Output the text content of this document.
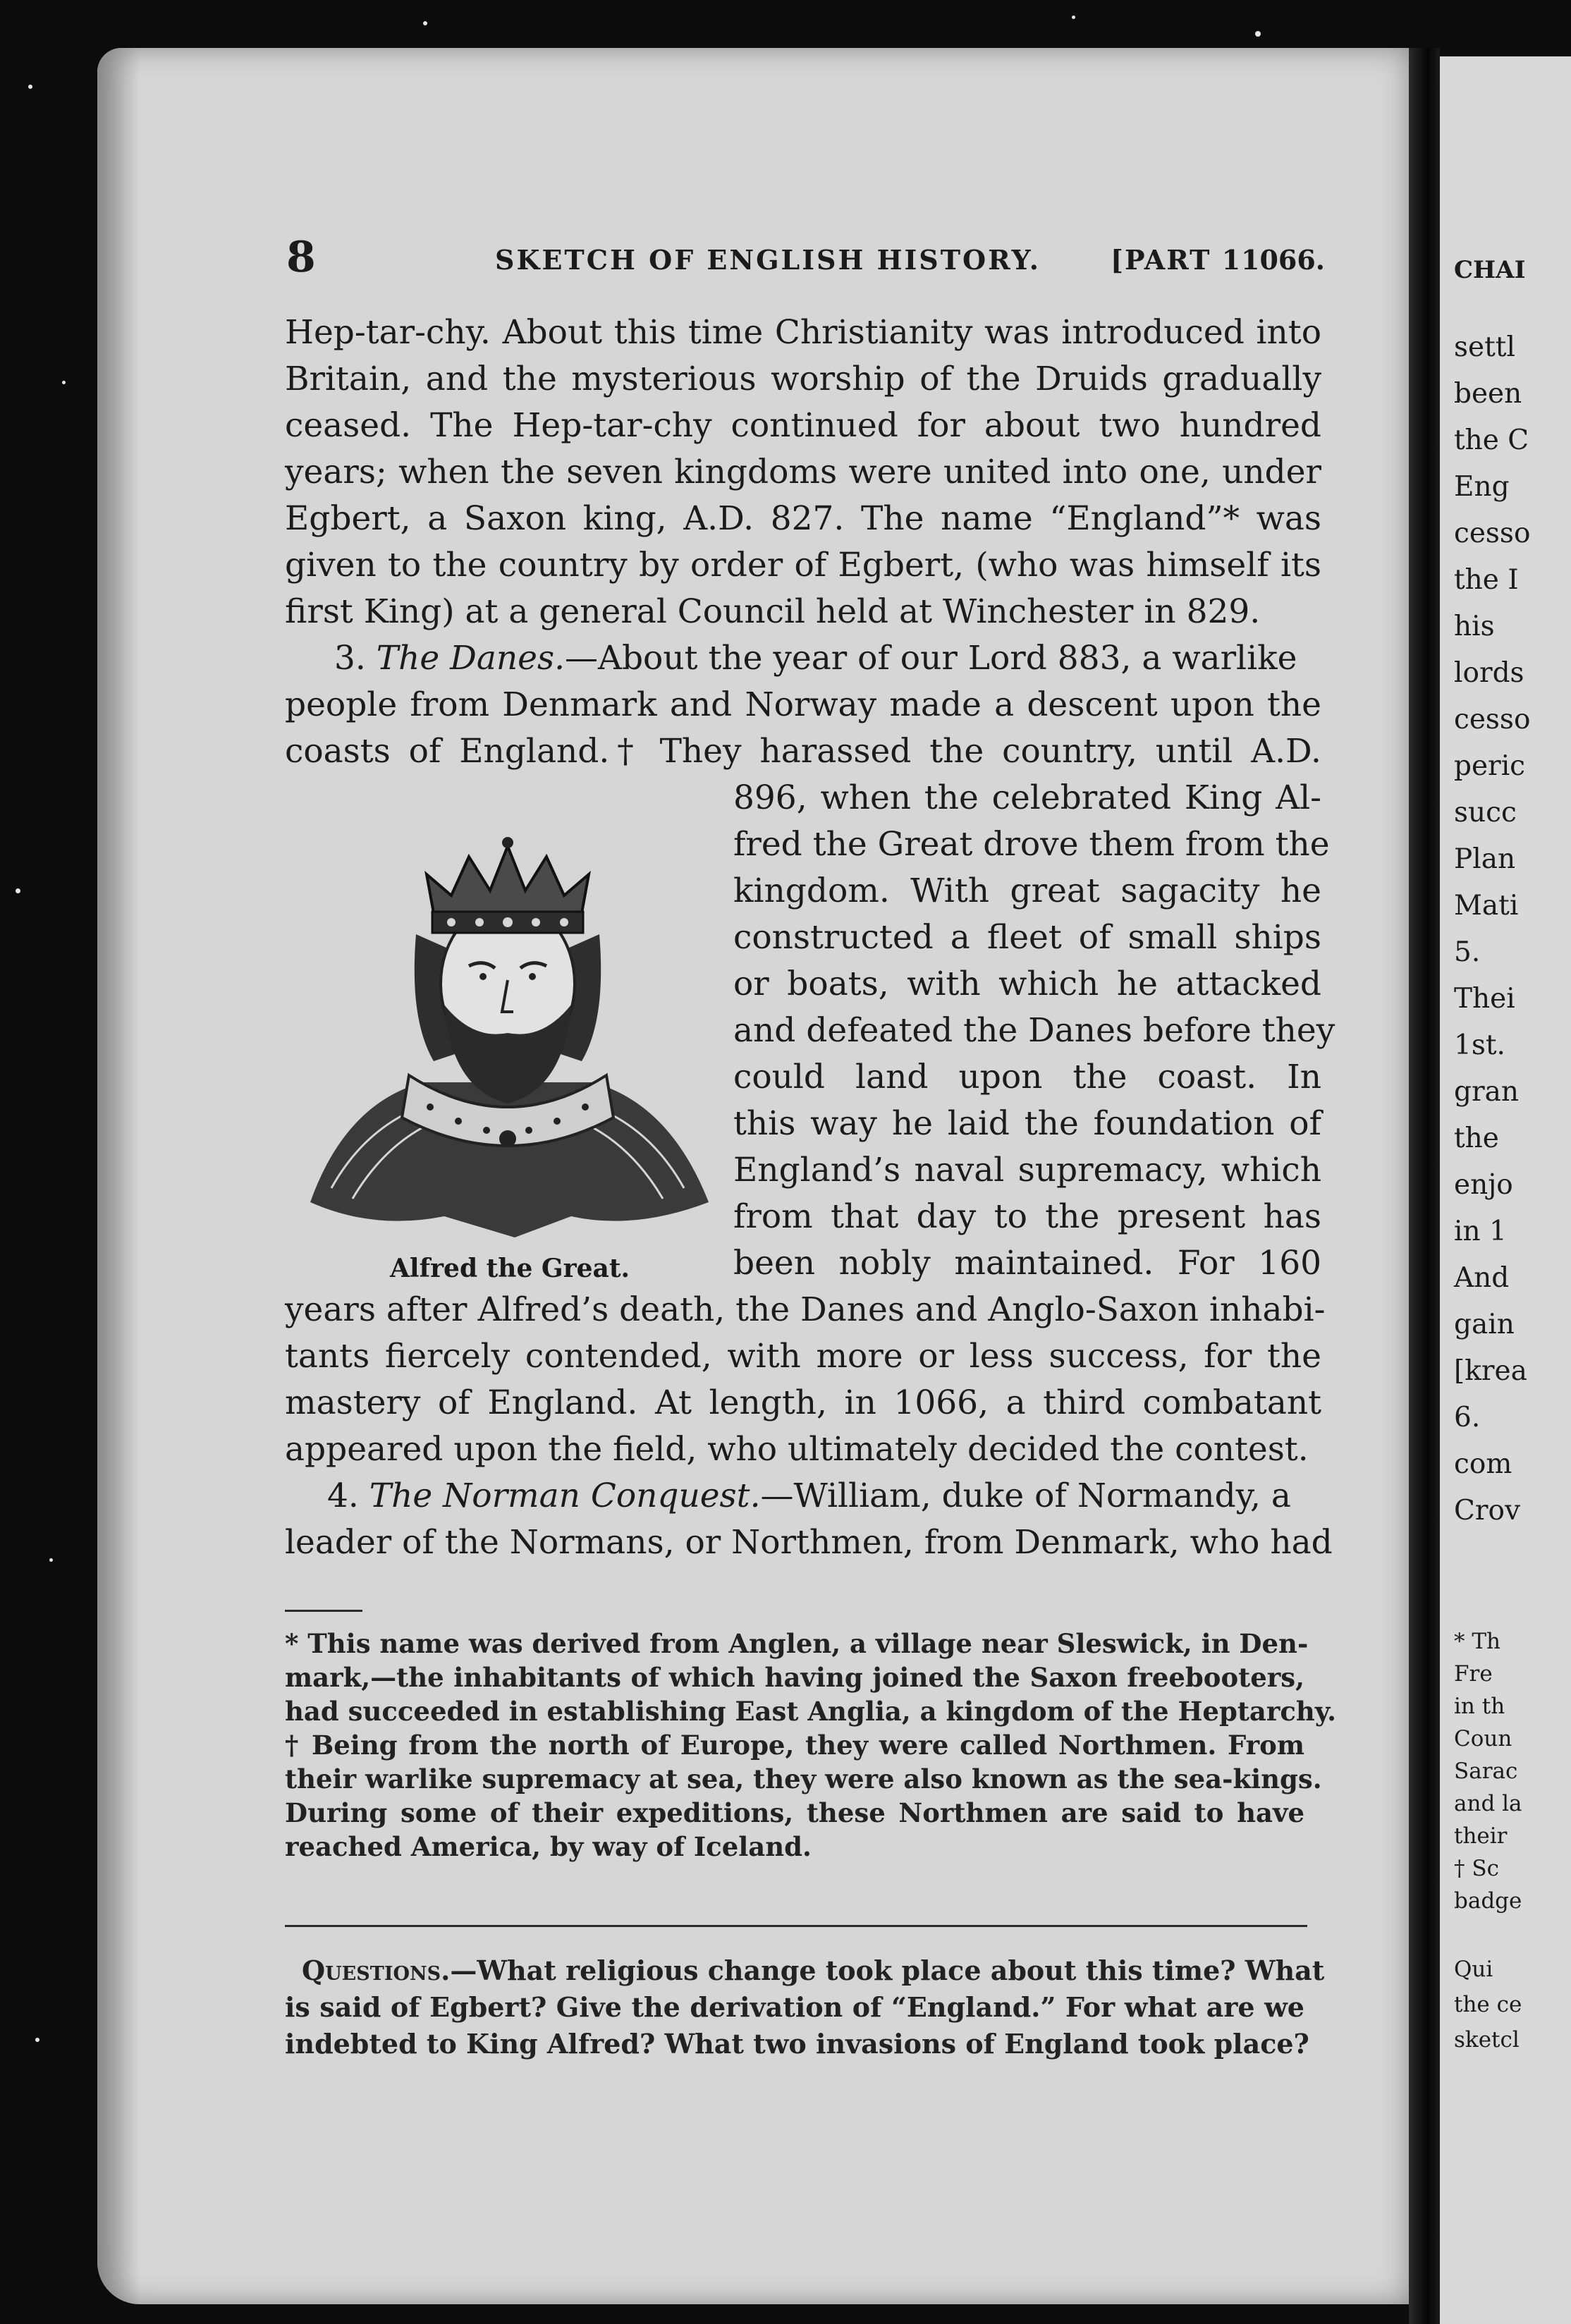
CHAI
settl
been
the C
Eng
cesso
the I
his
lords
cesso
peric
succ
Plan
Mati
5.
Thei
1st.
gran
the
enjo
in 1
And
gain
[krea
6.
com
Crov
* Th
Fre
in th
Coun
Sarac
and la
their
† Sc
badge
Qui
the ce
sketcl
8	SKETCH OF ENGLISH HISTORY.	[PART 1
1066.
Hep-tar-chy. About this time Christianity was introduced into
Britain, and the mysterious worship of the Druids gradually
ceased. The Hep-tar-chy continued for about two hundred
years; when the seven kingdoms were united into one, under
Egbert, a Saxon king, A.D. 827. The name “England”* was
given to the country by order of Egbert, (who was himself its
first King) at a general Council held at Winchester in 829.
3. The Danes.—About the year of our Lord 883, a warlike
people from Denmark and Norway made a descent upon the
coasts of England.† They harassed the country, until A.D.
896, when the celebrated King Al-
fred the Great drove them from the
kingdom. With great sagacity he
constructed a fleet of small ships
or boats, with which he attacked
and defeated the Danes before they
could land upon the coast. In
this way he laid the foundation of
England’s naval supremacy, which
from that day to the present has
been nobly maintained. For 160
years after Alfred’s death, the Danes and Anglo-Saxon inhabi-
tants fiercely contended, with more or less success, for the
mastery of England. At length, in 1066, a third combatant
appeared upon the field, who ultimately decided the contest.
Alfred the Great.
4. The Norman Conquest.—William, duke of Normandy, a
leader of the Normans, or Northmen, from Denmark, who had
* This name was derived from Anglen, a village near Sleswick, in Den-
mark,—the inhabitants of which having joined the Saxon freebooters,
had succeeded in establishing East Anglia, a kingdom of the Heptarchy.
† Being from the north of Europe, they were called Northmen. From
their warlike supremacy at sea, they were also known as the sea-kings.
During some of their expeditions, these Northmen are said to have
reached America, by way of Iceland.
Questions.—What religious change took place about this time? What
is said of Egbert? Give the derivation of “England.” For what are we
indebted to King Alfred? What two invasions of England took place?
